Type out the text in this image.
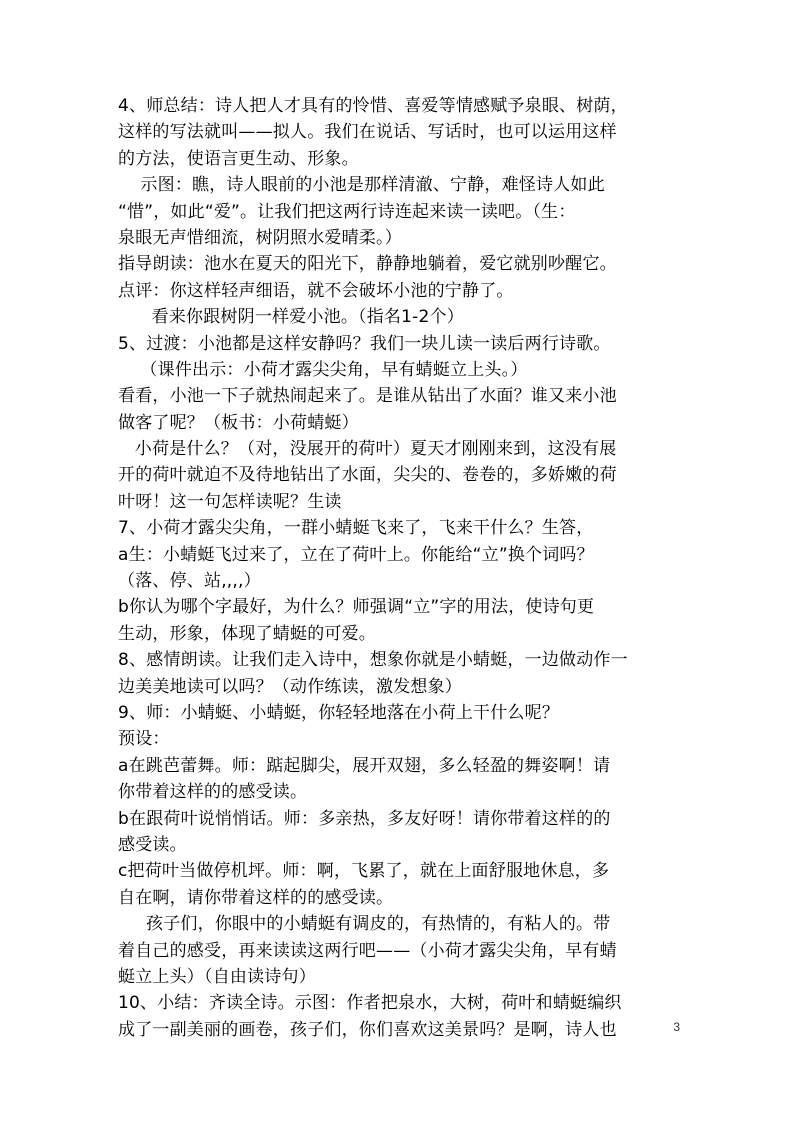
4、师总结：诗人把人才具有的怜惜、喜爱等情感赋予泉眼、树荫，
这样的写法就叫——拟人。我们在说话、写话时，也可以运用这样
的方法，使语言更生动、形象。
示图：瞧，诗人眼前的小池是那样清澈、宁静，难怪诗人如此
“惜”，如此“爱”。让我们把这两行诗连起来读一读吧。（生：
泉眼无声惜细流，树阴照水爱晴柔。）
指导朗读：池水在夏天的阳光下，静静地躺着，爱它就别吵醒它。
点评：你这样轻声细语，就不会破坏小池的宁静了。
看来你跟树阴一样爱小池。（指名1-2个）
5、过渡：小池都是这样安静吗？我们一块儿读一读后两行诗歌。
（课件出示：小荷才露尖尖角，早有蜻蜓立上头。）
看看，小池一下子就热闹起来了。是谁从钻出了水面？谁又来小池
做客了呢？（板书：小荷蜻蜓）
小荷是什么？（对，没展开的荷叶）夏天才刚刚来到，这没有展
开的荷叶就迫不及待地钻出了水面，尖尖的、卷卷的，多娇嫩的荷
叶呀！这一句怎样读呢？生读
7、小荷才露尖尖角，一群小蜻蜓飞来了，飞来干什么？生答，
a生：小蜻蜓飞过来了，立在了荷叶上。你能给“立”换个词吗？
（落、停、站,,,,）
b你认为哪个字最好，为什么？师强调“立”字的用法，使诗句更
生动，形象，体现了蜻蜓的可爱。
8、感情朗读。让我们走入诗中，想象你就是小蜻蜓，一边做动作一
边美美地读可以吗？（动作练读，激发想象）
9、师：小蜻蜓、小蜻蜓，你轻轻地落在小荷上干什么呢？
预设：
a在跳芭蕾舞。师：踮起脚尖，展开双翅，多么轻盈的舞姿啊！请
你带着这样的的感受读。
b在跟荷叶说悄悄话。师：多亲热，多友好呀！请你带着这样的的
感受读。
c把荷叶当做停机坪。师：啊，飞累了，就在上面舒服地休息，多
自在啊，请你带着这样的的感受读。
孩子们，你眼中的小蜻蜓有调皮的，有热情的，有粘人的。带
着自己的感受，再来读读这两行吧——（小荷才露尖尖角，早有蜻
蜓立上头）（自由读诗句）
10、小结：齐读全诗。示图：作者把泉水，大树，荷叶和蜻蜓编织
成了一副美丽的画卷，孩子们，你们喜欢这美景吗？是啊，诗人也	3
